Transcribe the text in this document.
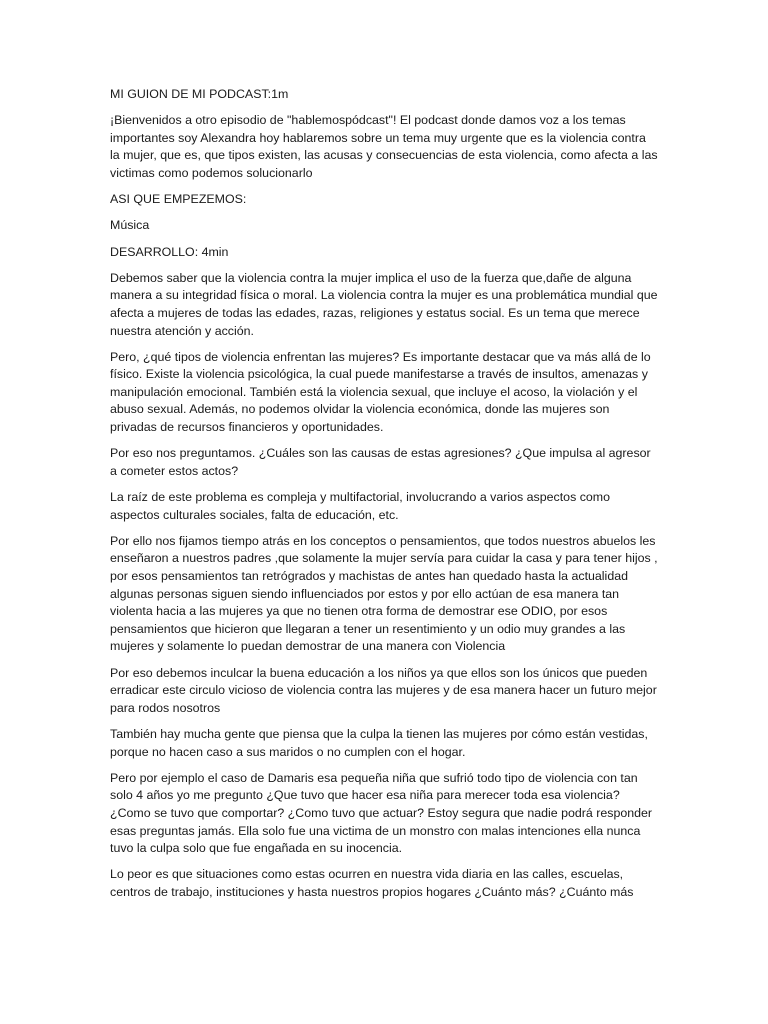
MI GUION DE MI PODCAST:1m

¡Bienvenidos a otro episodio de "hablemospódcast"! El podcast donde damos voz a los temas importantes soy Alexandra hoy hablaremos sobre un tema muy urgente que es la violencia contra la mujer, que es, que tipos existen, las acusas y consecuencias de esta violencia, como afecta a las victimas como podemos solucionarlo

ASI QUE EMPEZEMOS:

Música

DESARROLLO: 4min

Debemos saber que la violencia contra la mujer implica el uso de la fuerza que,dañe de alguna manera a su integridad física o moral. La violencia contra la mujer es una problemática mundial que afecta a mujeres de todas las edades, razas, religiones y estatus social. Es un tema que merece nuestra atención y acción.

Pero, ¿qué tipos de violencia enfrentan las mujeres? Es importante destacar que va más allá de lo físico. Existe la violencia psicológica, la cual puede manifestarse a través de insultos, amenazas y manipulación emocional. También está la violencia sexual, que incluye el acoso, la violación y el abuso sexual. Además, no podemos olvidar la violencia económica, donde las mujeres son privadas de recursos financieros y oportunidades.

Por eso nos preguntamos. ¿Cuáles son las causas de estas agresiones? ¿Que impulsa al agresor a cometer estos actos?

La raíz de este problema es compleja y multifactorial, involucrando a varios aspectos como aspectos culturales sociales, falta de educación, etc.

Por ello nos fijamos tiempo atrás en los conceptos o pensamientos, que todos nuestros abuelos les enseñaron a nuestros padres ,que solamente la mujer servía para cuidar la casa y para tener hijos , por esos pensamientos tan retrógrados y machistas de antes han quedado hasta la actualidad algunas personas siguen siendo influenciados por estos y por ello actúan de esa manera tan violenta hacia a las mujeres ya que no tienen otra forma de demostrar ese ODIO, por esos pensamientos que hicieron que llegaran a tener un resentimiento y un odio muy grandes a las mujeres y solamente lo puedan demostrar de una manera con Violencia

Por eso debemos inculcar la buena educación a los niños ya que ellos son los únicos que pueden erradicar este circulo vicioso de violencia contra las mujeres y de esa manera hacer un futuro mejor para rodos nosotros

También hay mucha gente que piensa que la culpa la tienen las mujeres por cómo están vestidas, porque no hacen caso a sus maridos o no cumplen con el hogar.

Pero por ejemplo el caso de Damaris esa pequeña niña que sufrió todo tipo de violencia con tan solo 4 años yo me pregunto ¿Que tuvo que hacer esa niña para merecer toda esa violencia? ¿Como se tuvo que comportar? ¿Como tuvo que actuar? Estoy segura que nadie podrá responder esas preguntas jamás. Ella solo fue una victima de un monstro con malas intenciones ella nunca tuvo la culpa solo que fue engañada en su inocencia.

Lo peor es que situaciones como estas ocurren en nuestra vida diaria en las calles, escuelas, centros de trabajo, instituciones y hasta nuestros propios hogares ¿Cuánto más? ¿Cuánto más
